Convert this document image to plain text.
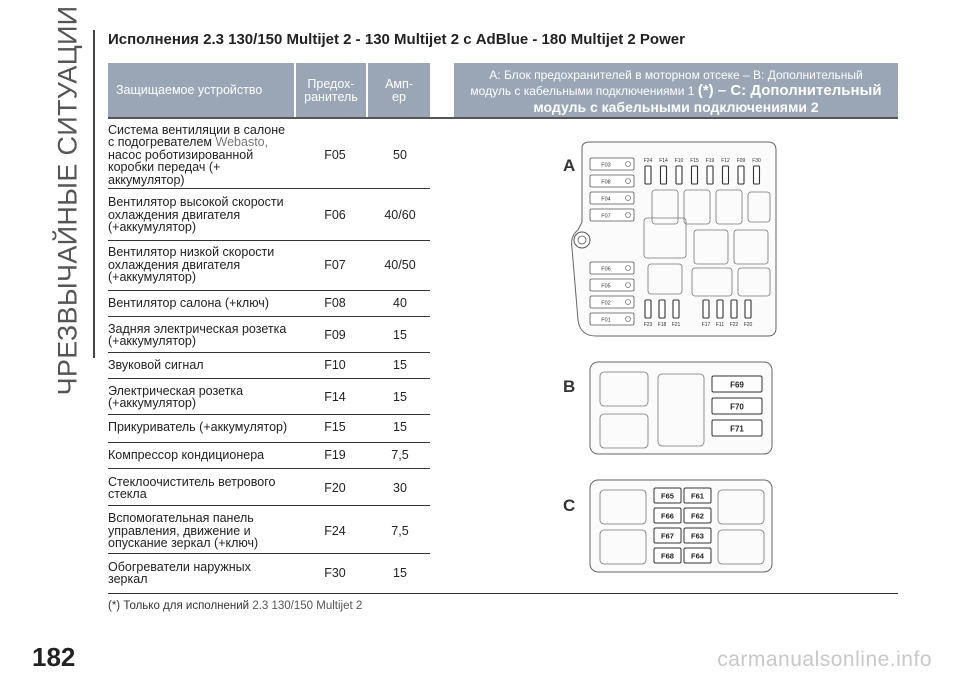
ЧРЕЗВЫЧАЙНЫЕ СИТУАЦИИ Исполнения 2.3 130/150 Multijet 2 - 130 Multijet 2 с AdBlue - 180 Multijet 2 Power
Защищаемое устройство	Предох-
ранитель
Амп-
ер
A: Блок предохранителей в моторном отсеке – B: Дополнительный
модуль с кабельными подключениями 1 (*) – C: Дополнительный
модуль с кабельными подключениями 2
Система вентиляции в салоне
с подогревателем Webasto,
насос роботизированной
коробки передач (+
аккумулятор)
F05	50
Вентилятор высокой скорости
охлаждения двигателя
(+аккумулятор)
F06	40/60
Вентилятор низкой скорости
охлаждения двигателя
(+аккумулятор)
F07	40/50
Вентилятор салона (+ключ)	F08	40
Задняя электрическая розетка
(+аккумулятор)	F09	15
Звуковой сигнал	F10	15
Электрическая розетка
(+аккумулятор)	F14	15
Прикуриватель (+аккумулятор)	F15	15
Компрессор кондиционера	F19	7,5
Стеклоочиститель ветрового
стекла	F20	30
Вспомогательная панель
управления, движение и
опускание зеркал (+ключ)
F24	7,5
Обогреватели наружных
зеркал	F30	15
(*) Только для исполнений 2.3 130/150 Multijet 2
A
B
C
F03
F08
F04
F07
F06
F05
F02
F01
F24 F14 F10 F15 F19 F12 F09 F30
F23 F18 F21	F17 F11 F22 F20
F69
F70
F71
F65 F61
F66 F62
F67 F63
F68 F64
182	carmanualsonline.info
